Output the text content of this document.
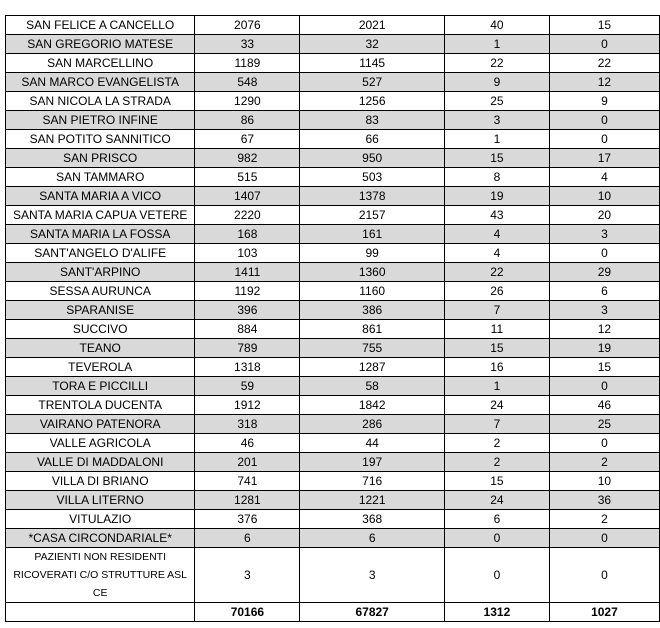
SAN FELICE A CANCELLO	2076	2021	40	15
SAN GREGORIO MATESE	33	32	1	0
SAN MARCELLINO	1189	1145	22	22
SAN MARCO EVANGELISTA	548	527	9	12
SAN NICOLA LA STRADA	1290	1256	25	9
SAN PIETRO INFINE	86	83	3	0
SAN POTITO SANNITICO	67	66	1	0
SAN PRISCO	982	950	15	17
SAN TAMMARO	515	503	8	4
SANTA MARIA A VICO	1407	1378	19	10
SANTA MARIA CAPUA VETERE	2220	2157	43	20
SANTA MARIA LA FOSSA	168	161	4	3
SANT'ANGELO D'ALIFE	103	99	4	0
SANT'ARPINO	1411	1360	22	29
SESSA AURUNCA	1192	1160	26	6
SPARANISE	396	386	7	3
SUCCIVO	884	861	11	12
TEANO	789	755	15	19
TEVEROLA	1318	1287	16	15
TORA E PICCILLI	59	58	1	0
TRENTOLA DUCENTA	1912	1842	24	46
VAIRANO PATENORA	318	286	7	25
VALLE AGRICOLA	46	44	2	0
VALLE DI MADDALONI	201	197	2	2
VILLA DI BRIANO	741	716	15	10
VILLA LITERNO	1281	1221	24	36
VITULAZIO	376	368	6	2
*CASA CIRCONDARIALE*	6	6	0	0
PAZIENTI NON RESIDENTI RICOVERATI C/O STRUTTURE ASL CE	3	3	0	0
	70166	67827	1312	1027
